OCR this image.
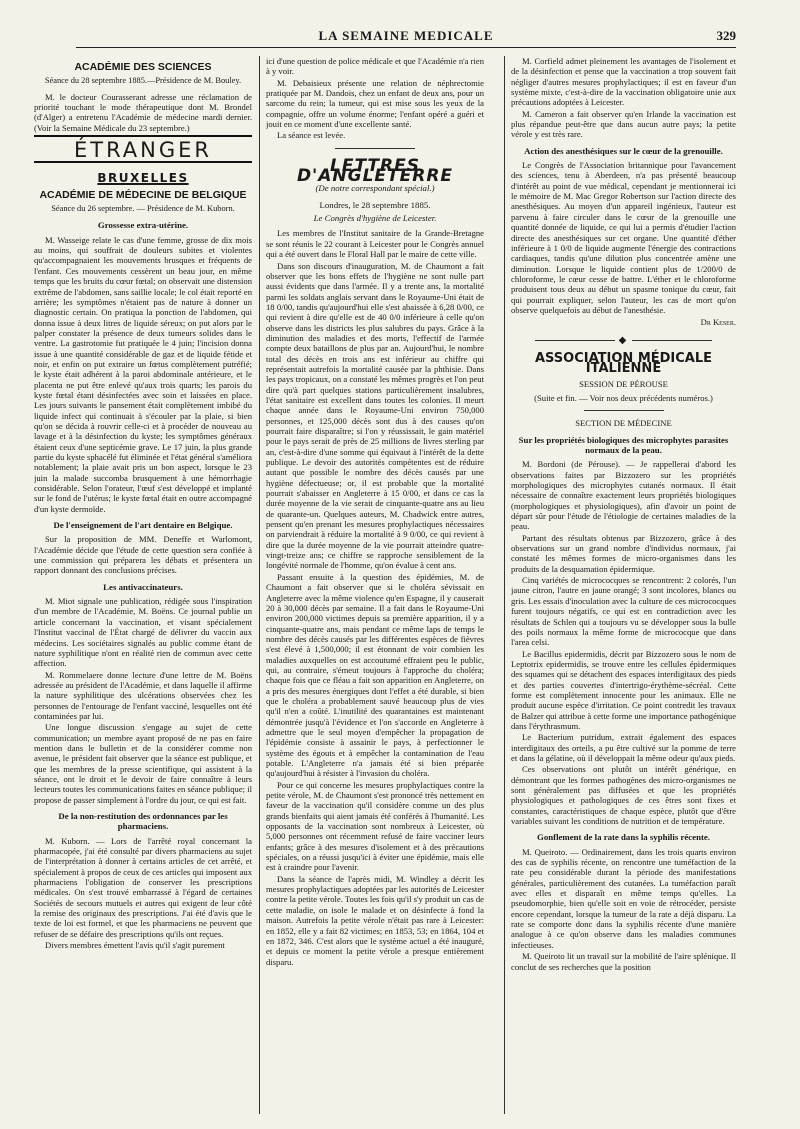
LA SEMAINE MEDICALE	329
ACADÉMIE DES SCIENCES
Séance du 28 septembre 1885.—Présidence de M. Bouley.

M. le docteur Courasserant adresse une réclamation de priorité touchant le mode thérapeutique dont M. Brondel (d'Alger) a entretenu l'Académie de médecine mardi dernier. (Voir la Semaine Médicale du 23 septembre.)

ÉTRANGER
BRUXELLES
ACADÉMIE DE MÉDECINE DE BELGIQUE
Séance du 26 septembre. — Présidence de M. Kuborn.
Grossesse extra-utérine.

M. Wasseige relate le cas d'une femme, grosse de dix mois au moins, qui souffrait de douleurs subites et violentes qu'accompagnaient les mouvements brusques et fréquents de l'enfant. Ces mouvements cessèrent un beau jour, en même temps que les bruits du cœur fœtal; on observait une distension extrême de l'abdomen, sans saillie locale; le col était reporté en arrière; les symptômes n'étaient pas de nature à donner un diagnostic certain. On pratiqua la ponction de l'abdomen, qui donna issue à deux litres de liquide séreux; on put alors par le palper constater la présence de deux tumeurs solides dans le ventre. La gastrotomie fut pratiquée le 4 juin; l'incision donna issue à une quantité considérable de gaz et de liquide fétide et noir, et enfin on put extraire un fœtus complètement putréfié; le kyste était adhérent à la paroi abdominale antérieure, et le placenta ne put être enlevé qu'aux trois quarts; les parois du kyste fœtal étant désinfectées avec soin et laissées en place. Les jours suivants le pansement était complètement imbibé du liquide infect qui continuait à s'écouler par la plaie, si bien qu'on se décida à rouvrir celle-ci et à procéder de nouveau au lavage et à la désinfection du kyste; les symptômes généraux étaient ceux d'une septicémie grave. Le 17 juin, la plus grande partie du kyste sphacélé fut éliminée et l'état général s'améliora notablement; la plaie avait pris un bon aspect, lorsque le 23 juin la malade succomba brusquement à une hémorrhagie considérable. Selon l'orateur, l'œuf s'est développé et implanté sur le fond de l'utérus; le kyste fœtal était en outre accompagné d'un kyste dermoïde.

De l'enseignement de l'art dentaire en Belgique.

Sur la proposition de MM. Deneffe et Warlomont, l'Académie décide que l'étude de cette question sera confiée à une commission qui préparera les débats et présentera un rapport donnant des conclusions précises.

Les antivaccinateurs.

M. Miot signale une publication, rédigée sous l'inspiration d'un membre de l'Académie, M. Boëns. Ce journal publie un article concernant la vaccination, et visant spécialement l'Institut vaccinal de l'État chargé de délivrer du vaccin aux médecins. Les sociétaires signalés au public comme étant de nature syphilitique n'ont en réalité rien de commun avec cette affection.

M. Rommelaere donne lecture d'une lettre de M. Boëns adressée au président de l'Académie, et dans laquelle il affirme la nature syphilitique des ulcérations observées chez les personnes de l'entourage de l'enfant vacciné, lesquelles ont été contaminées par lui.

Une longue discussion s'engage au sujet de cette communication; un membre ayant proposé de ne pas en faire mention dans le bulletin et de la considérer comme non avenue, le président fait observer que la séance est publique, et que les membres de la presse scientifique, qui assistent à la séance, ont le droit et le devoir de faire connaître à leurs lecteurs toutes les communications faites en séance publique; il propose de passer simplement à l'ordre du jour, ce qui est fait.

De la non-restitution des ordonnances par les pharmaciens.

M. Kuborn. — Lors de l'arrêté royal concernant la pharmacopée, j'ai été consulté par divers pharmaciens au sujet de l'interprétation à donner à certains articles de cet arrêté, et spécialement à propos de ceux de ces articles qui imposent aux pharmaciens l'obligation de conserver les prescriptions médicales. On s'est trouvé embarrassé à l'égard de certaines Sociétés de secours mutuels et autres qui exigent de leur côté la remise des originaux des prescriptions. J'ai été d'avis que le texte de loi est formel, et que les pharmaciens ne peuvent que refuser de se défaire des prescriptions qu'ils ont reçues.

Divers membres émettent l'avis qu'il s'agit purement

ici d'une question de police médicale et que l'Académie n'a rien à y voir.

M. Debaisieux présente une relation de néphrectomie pratiquée par M. Dandois, chez un enfant de deux ans, pour un sarcome du rein; la tumeur, qui est mise sous les yeux de la compagnie, offre un volume énorme; l'enfant opéré a guéri et jouit en ce moment d'une excellente santé.

La séance est levée.

LETTRES D'ANGLETERRE
(De notre correspondant spécial.)
Londres, le 28 septembre 1885.
Le Congrès d'hygiène de Leicester.

Les membres de l'Institut sanitaire de la Grande-Bretagne se sont réunis le 22 courant à Leicester pour le Congrès annuel qui a été ouvert dans le Floral Hall par le maire de cette ville.

Dans son discours d'inauguration, M. de Chaumont a fait observer que les bons effets de l'hygiène ne sont nulle part aussi évidents que dans l'armée. Il y a trente ans, la mortalité parmi les soldats anglais servant dans le Royaume-Uni était de 18 0/00, tandis qu'aujourd'hui elle s'est abaissée à 6,28 0/00, ce qui revient à dire qu'elle est de 40 0/0 inférieure à celle qu'on observe dans les districts les plus salubres du pays. Grâce à la diminution des maladies et des morts, l'effectif de l'armée compte deux bataillons de plus par an. Aujourd'hui, le nombre total des décès en trois ans est inférieur au chiffre qui représentait autrefois la mortalité causée par la phthisie. Dans les pays tropicaux, on a constaté les mêmes progrès et l'on peut dire qu'à part quelques stations particulièrement insalubres, l'état sanitaire est excellent dans toutes les colonies. Il meurt chaque année dans le Royaume-Uni environ 750,000 personnes, et 125,000 décès sont dus à des causes qu'on pourrait faire disparaître; si l'on y réussissait, le gain matériel pour le pays serait de près de 25 millions de livres sterling par an, c'est-à-dire d'une somme qui équivaut à l'intérêt de la dette publique. Le devoir des autorités compétentes est de réduire autant que possible le nombre des décès causés par une hygiène défectueuse; or, il est probable que la mortalité pourrait s'abaisser en Angleterre à 15 0/00, et dans ce cas la durée moyenne de la vie serait de cinquante-quatre ans au lieu de quarante-un. Quelques auteurs, M. Chadwick entre autres, pensent qu'en prenant les mesures prophylactiques nécessaires on parviendrait à réduire la mortalité à 9 0/00, ce qui revient à dire que la durée moyenne de la vie pourrait atteindre quatre-vingt-treize ans; ce chiffre se rapproche sensiblement de la longévité normale de l'homme, qu'on évalue à cent ans.

Passant ensuite à la question des épidémies, M. de Chaumont a fait observer que si le choléra sévissait en Angleterre avec la même violence qu'en Espagne, il y causerait 20 à 30,000 décès par semaine. Il a fait dans le Royaume-Uni environ 200,000 victimes depuis sa première apparition, il y a cinquante-quatre ans, mais pendant ce même laps de temps le nombre des décès causés par les différentes espèces de fièvres s'est élevé à 1,500,000; il est étonnant de voir combien les maladies auxquelles on est accoutumé effraient peu le public, qui, au contraire, s'émeut toujours à l'approche du choléra; chaque fois que ce fléau a fait son apparition en Angleterre, on a pris des mesures énergiques dont l'effet a été durable, si bien que le choléra a probablement sauvé beaucoup plus de vies qu'il n'en a coûté. L'inutilité des quarantaines est maintenant démontrée jusqu'à l'évidence et l'on s'accorde en Angleterre à admettre que le seul moyen d'empêcher la propagation de l'épidémie consiste à assainir le pays, à perfectionner le système des égouts et à empêcher la contamination de l'eau potable. L'Angleterre n'a jamais été si bien préparée qu'aujourd'hui à résister à l'invasion du choléra.

Pour ce qui concerne les mesures prophylactiques contre la petite vérole, M. de Chaumont s'est prononcé très nettement en faveur de la vaccination qu'il considère comme un des plus grands bienfaits qui aient jamais été conférés à l'humanité. Les opposants de la vaccination sont nombreux à Leicester, où 5,000 personnes ont récemment refusé de faire vacciner leurs enfants; grâce à des mesures d'isolement et à des précautions spéciales, on a réussi jusqu'ici à éviter une épidémie, mais elle est à craindre pour l'avenir.

Dans la séance de l'après midi, M. Windley a décrit les mesures prophylactiques adoptées par les autorités de Leicester contre la petite vérole. Toutes les fois qu'il s'y produit un cas de cette maladie, on isole le malade et on désinfecte à fond la maison. Autrefois la petite vérole n'était pas rare à Leicester: en 1852, elle y a fait 82 victimes; en 1853, 53; en 1864, 104 et en 1872, 346. C'est alors que le système actuel a été inauguré, et depuis ce moment la petite vérole a presque entièrement disparu.

M. Corfield admet pleinement les avantages de l'isolement et de la désinfection et pense que la vaccination a trop souvent fait négliger d'autres mesures prophylactiques; il est en faveur d'un système mixte, c'est-à-dire de la vaccination obligatoire unie aux précautions adoptées à Leicester.

M. Cameron a fait observer qu'en Irlande la vaccination est plus répandue peut-être que dans aucun autre pays; la petite vérole y est très rare.

Action des anesthésiques sur le cœur de la grenouille.

Le Congrès de l'Association britannique pour l'avancement des sciences, tenu à Aberdeen, n'a pas présenté beaucoup d'intérêt au point de vue médical, cependant je mentionnerai ici le mémoire de M. Mac Gregor Robertson sur l'action directe des anesthésiques. Au moyen d'un appareil ingénieux, l'auteur est parvenu à faire circuler dans le cœur de la grenouille une quantité donnée de liquide, ce qui lui a permis d'étudier l'action directe des anesthésiques sur cet organe. Une quantité d'éther inférieure à 1 0/0 de liquide augmente l'énergie des contractions cardiaques, tandis qu'une dilution plus concentrée amène une diminution. Lorsque le liquide contient plus de 1/200/0 de chloroforme, le cœur cesse de battre. L'éther et le chloroforme produisent tous deux au début un spasme tonique du cœur, fait qui pourrait expliquer, selon l'auteur, les cas de mort qu'on observe quelquefois au début de l'anesthésie.

Dr Keser.
◆
ASSOCIATION MÉDICALE ITALIENNE
SESSION DE PÉROUSE
(Suite et fin. — Voir nos deux précédents numéros.)
SECTION DE MÉDECINE
Sur les propriétés biologiques des microphytes parasites normaux de la peau.

M. Bordoni (de Pérouse). — Je rappellerai d'abord les observations faites par Bizzozero sur les propriétés morphologiques des microphytes cutanés normaux. Il était nécessaire de connaître exactement leurs propriétés biologiques (morphologiques et physiologiques), afin d'avoir un point de départ sûr pour l'étude de l'étiologie de certaines maladies de la peau.

Partant des résultats obtenus par Bizzozero, grâce à des observations sur un grand nombre d'individus normaux, j'ai constaté les mêmes formes de micro-organismes dans les produits de la desquamation épidermique.

Cinq variétés de micrococques se rencontrent: 2 colorés, l'un jaune citron, l'autre en jaune orangé; 3 sont incolores, blancs ou gris. Les essais d'inoculation avec la culture de ces micrococques furent toujours négatifs, ce qui est en contradiction avec les résultats de Schlen qui a toujours vu se développer sous la bulle des poils normaux la même forme de micrococque que dans l'area celsi.

Le Bacillus epidermidis, décrit par Bizzozero sous le nom de Leptotrix epidermidis, se trouve entre les cellules épidermiques des squames qui se détachent des espaces interdigitaux des pieds et des parties couvertes d'intertrigo-érythème-sécréal. Cette forme est complètement innocente pour les animaux. Elle ne produit aucune espèce d'irritation. Ce point contredit les travaux de Balzer qui attribue à cette forme une importance pathogénique dans l'érythrasmum.

Le Bacterium putridum, extrait également des espaces interdigitaux des orteils, a pu être cultivé sur la pomme de terre et dans la gélatine, où il développait la même odeur qu'aux pieds.

Ces observations ont plutôt un intérêt générique, en démontrant que les formes pathogènes des micro-organismes ne sont généralement pas diffusées et que les propriétés physiologiques et pathologiques de ces êtres sont fixes et constantes, caractéristiques de chaque espèce, plutôt que d'être variables suivant les conditions de nutrition et de température.

Gonflement de la rate dans la syphilis récente.

M. Queiroto. — Ordinairement, dans les trois quarts environ des cas de syphilis récente, on rencontre une tuméfaction de la rate peu considérable durant la période des manifestations générales, particulièrement des cutanées. La tuméfaction paraît avec elles et disparaît en même temps qu'elles. La pseudomorphie, bien qu'elle soit en voie de rétrocéder, persiste encore cependant, lorsque la tumeur de la rate a déjà disparu. La rate se comporte donc dans la syphilis récente d'une manière analogue à ce qu'on observe dans les maladies communes infectieuses.

M. Queiroto lit un travail sur la mobilité de l'aire splénique. Il conclut de ses recherches que la position
